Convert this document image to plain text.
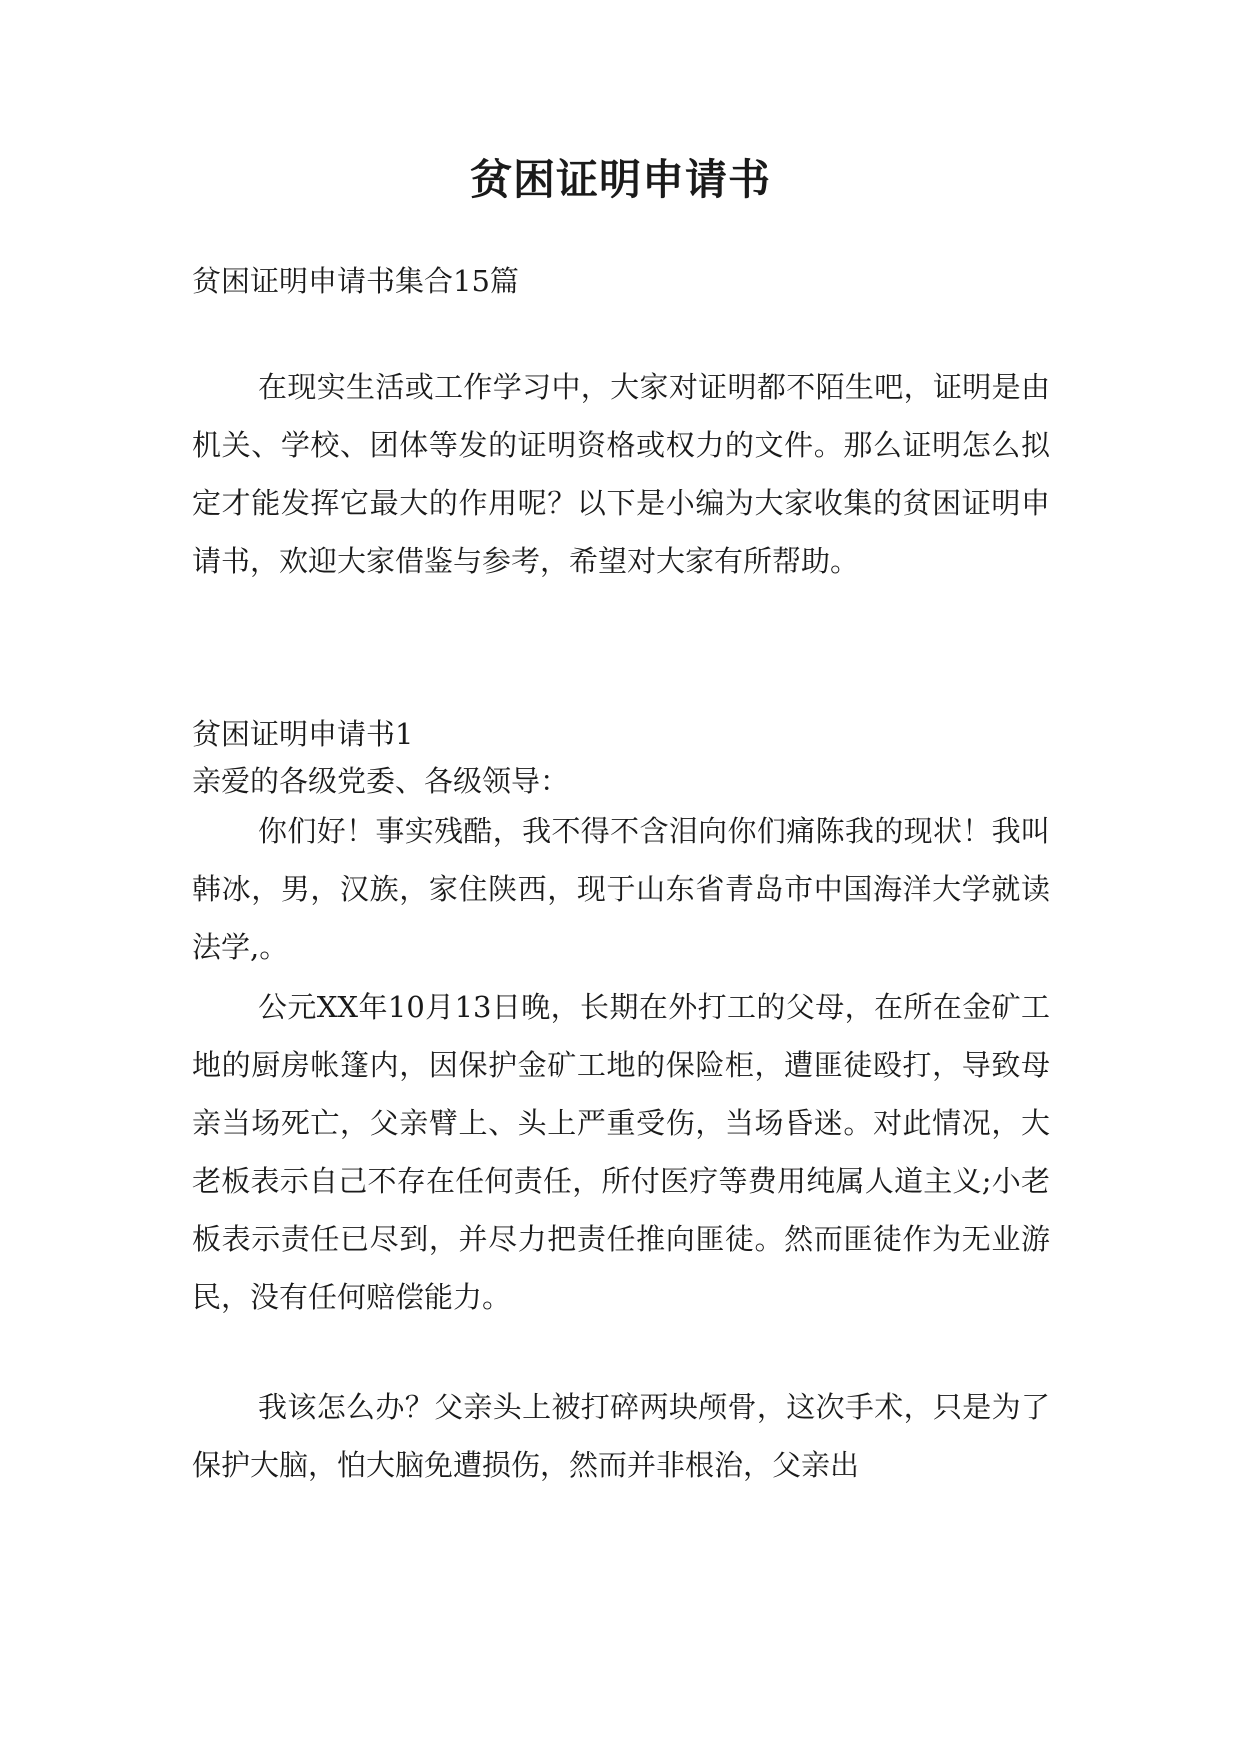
贫困证明申请书
贫困证明申请书集合15篇
在现实生活或工作学习中，大家对证明都不陌生吧，证明是由机关、学校、团体等发的证明资格或权力的文件。那么证明怎么拟定才能发挥它最大的作用呢？以下是小编为大家收集的贫困证明申请书，欢迎大家借鉴与参考，希望对大家有所帮助。
贫困证明申请书1
亲爱的各级党委、各级领导：
你们好！事实残酷，我不得不含泪向你们痛陈我的现状！我叫韩冰，男，汉族，家住陕西，现于山东省青岛市中国海洋大学就读法学,。
公元XX年10月13日晚，长期在外打工的父母，在所在金矿工地的厨房帐篷内，因保护金矿工地的保险柜，遭匪徒殴打，导致母亲当场死亡，父亲臂上、头上严重受伤，当场昏迷。对此情况，大老板表示自己不存在任何责任，所付医疗等费用纯属人道主义;小老板表示责任已尽到，并尽力把责任推向匪徒。然而匪徒作为无业游民，没有任何赔偿能力。
我该怎么办？父亲头上被打碎两块颅骨，这次手术，只是为了保护大脑，怕大脑免遭损伤，然而并非根治，父亲出
